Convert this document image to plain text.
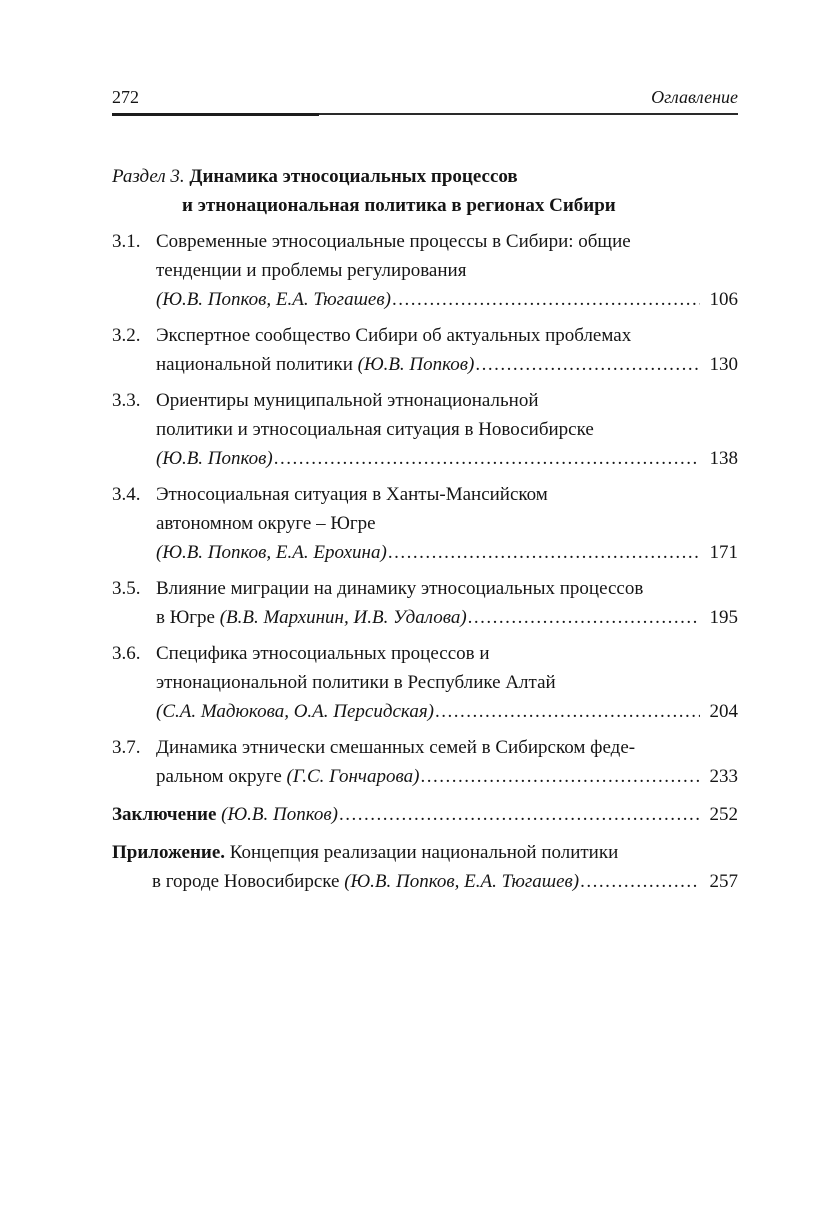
272	Оглавление
Раздел 3. Динамика этносоциальных процессов
и этнонациональная политика в регионах Сибири
3.1. Современные этносоциальные процессы в Сибири: общие
тенденции и проблемы регулирования
(Ю.В. Попков, Е.А. Тюгашев) .....	106
3.2. Экспертное сообщество Сибири об актуальных проблемах
национальной политики (Ю.В. Попков) .....	130
3.3. Ориентиры муниципальной этнонациональной
политики и этносоциальная ситуация в Новосибирске
(Ю.В. Попков) .....	138
3.4. Этносоциальная ситуация в Ханты-Мансийском
автономном округе – Югре
(Ю.В. Попков, Е.А. Ерохина) .....	171
3.5. Влияние миграции на динамику этносоциальных процессов
в Югре (В.В. Мархинин, И.В. Удалова) .....	195
3.6. Специфика этносоциальных процессов и
этнонациональной политики в Республике Алтай
(С.А. Мадюкова, О.А. Персидская) .....	204
3.7. Динамика этнически смешанных семей в Сибирском феде-
ральном округе (Г.С. Гончарова) .....	233
Заключение (Ю.В. Попков) .....	252
Приложение. Концепция реализации национальной политики
в городе Новосибирске (Ю.В. Попков, Е.А. Тюгашев) .....	257
